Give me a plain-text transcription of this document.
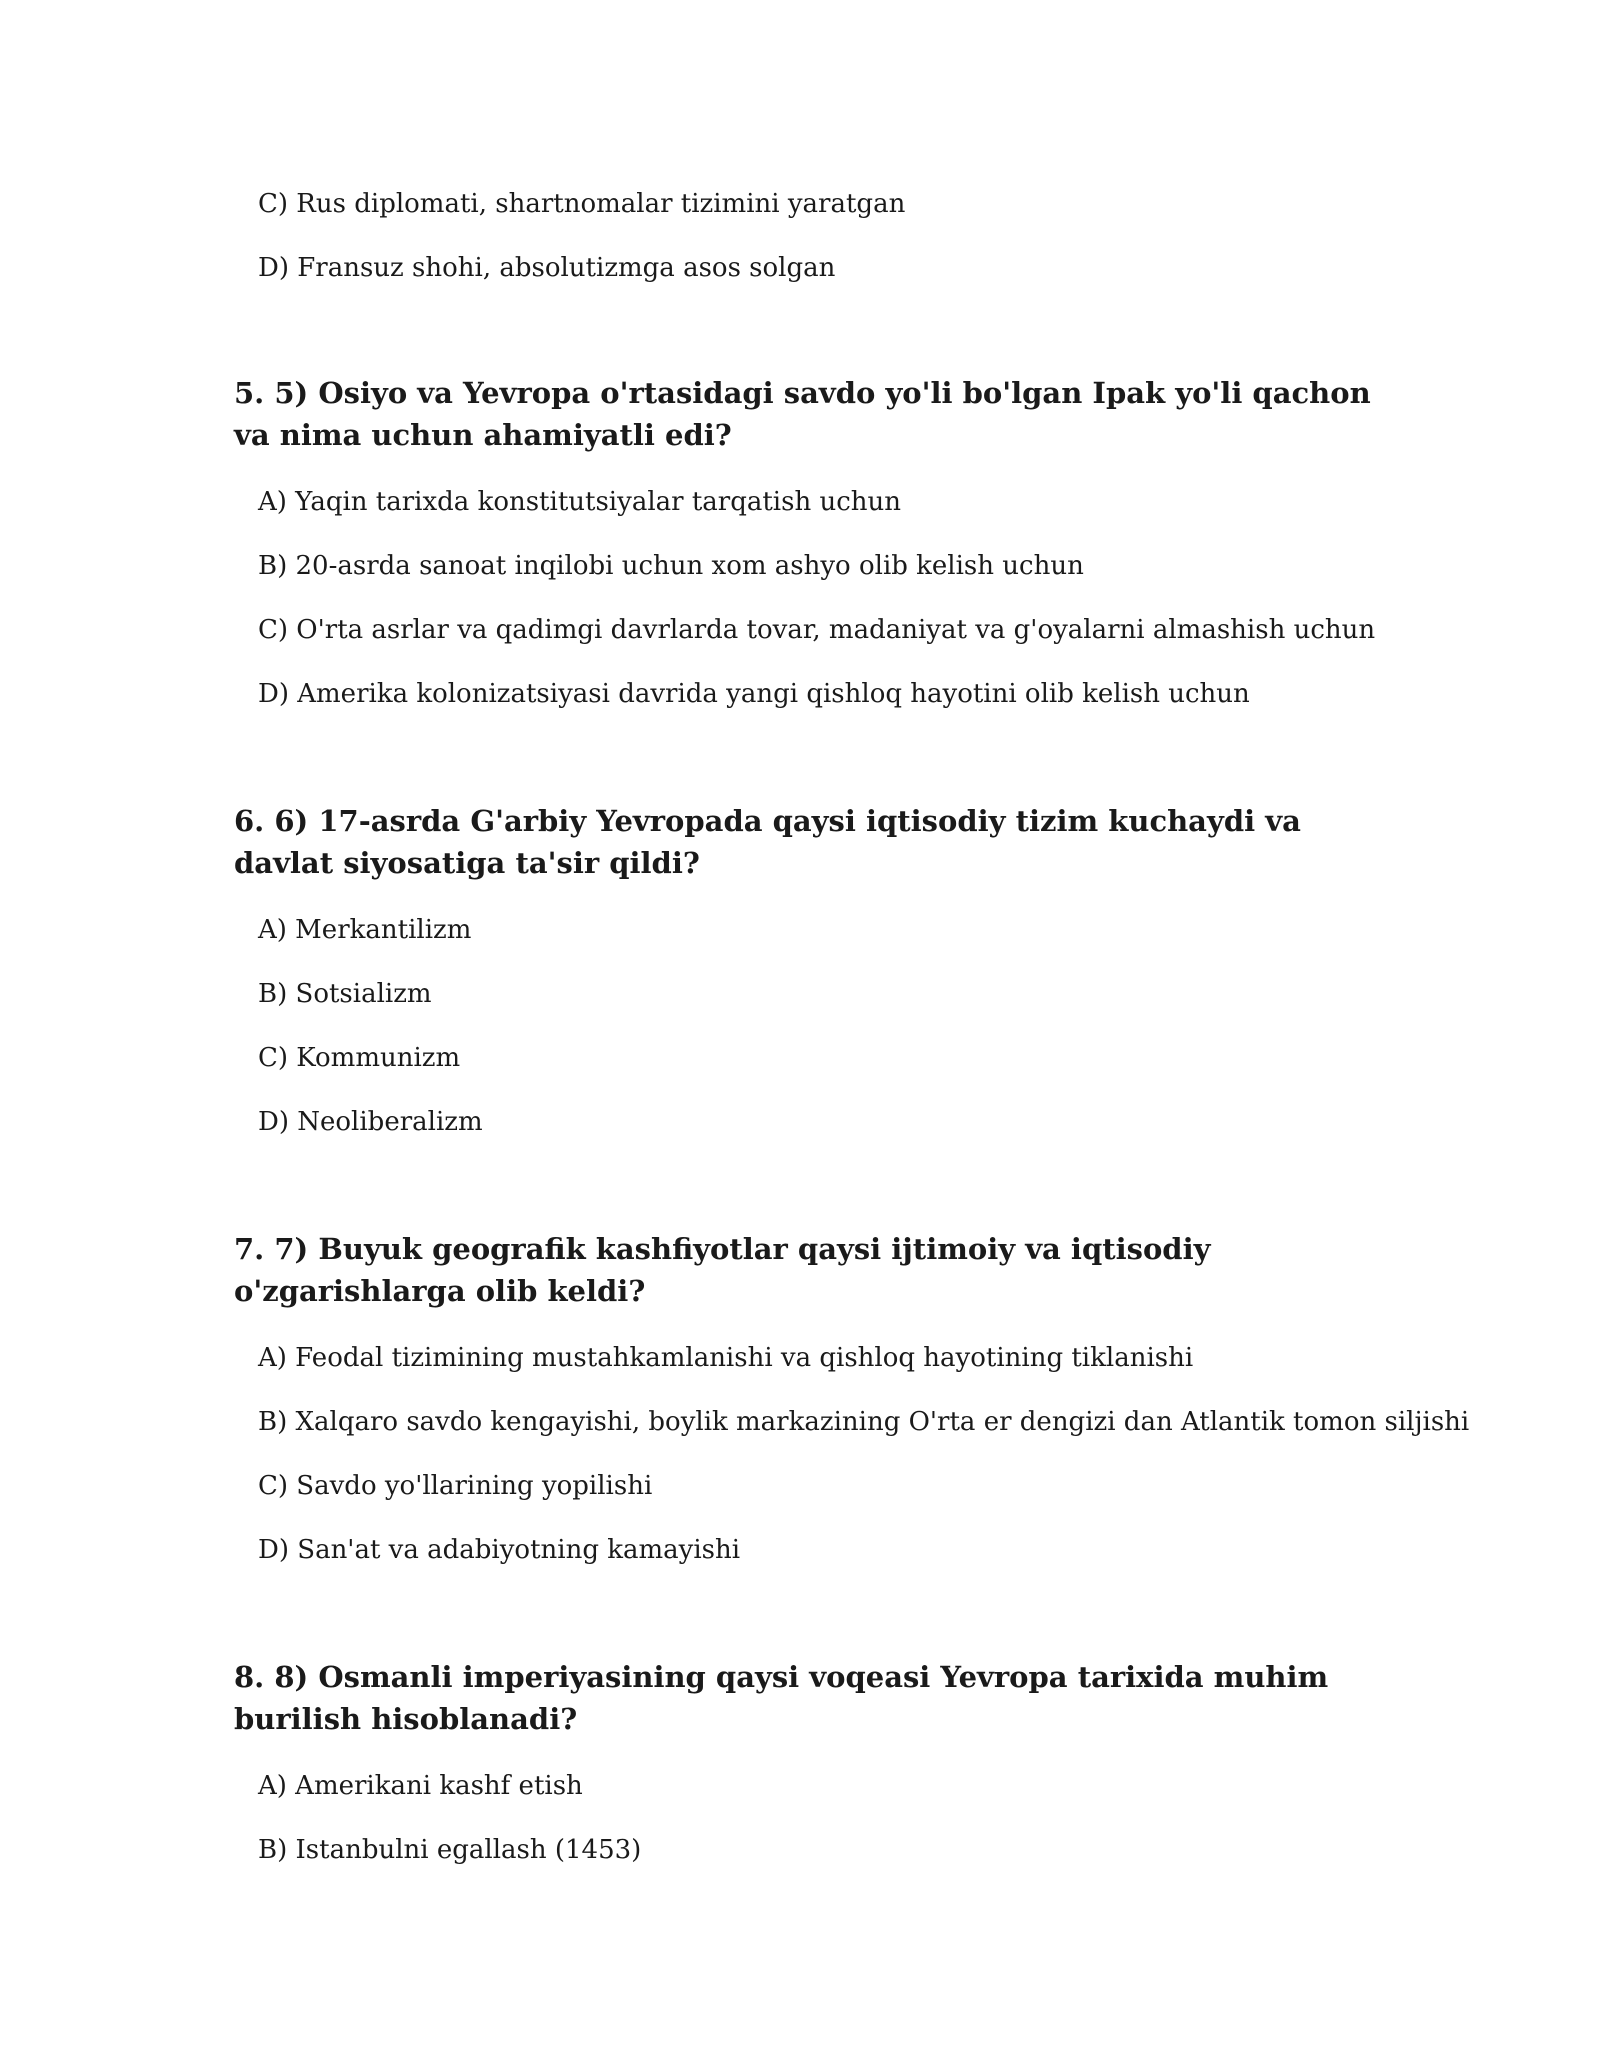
C) Rus diplomati, shartnomalar tizimini yaratgan
D) Fransuz shohi, absolutizmga asos solgan
5. 5) Osiyo va Yevropa o'rtasidagi savdo yo'li bo'lgan Ipak yo'li qachon va nima uchun ahamiyatli edi?
A) Yaqin tarixda konstitutsiyalar tarqatish uchun
B) 20-asrda sanoat inqilobi uchun xom ashyo olib kelish uchun
C) O'rta asrlar va qadimgi davrlarda tovar, madaniyat va g'oyalarni almashish uchun
D) Amerika kolonizatsiyasi davrida yangi qishloq hayotini olib kelish uchun
6. 6) 17-asrda G'arbiy Yevropada qaysi iqtisodiy tizim kuchaydi va davlat siyosatiga ta'sir qildi?
A) Merkantilizm
B) Sotsializm
C) Kommunizm
D) Neoliberalizm
7. 7) Buyuk geografik kashfiyotlar qaysi ijtimoiy va iqtisodiy o'zgarishlarga olib keldi?
A) Feodal tizimining mustahkamlanishi va qishloq hayotining tiklanishi
B) Xalqaro savdo kengayishi, boylik markazining O'rta er dengizi dan Atlantik tomon siljishi
C) Savdo yo'llarining yopilishi
D) San'at va adabiyotning kamayishi
8. 8) Osmanli imperiyasining qaysi voqeasi Yevropa tarixida muhim burilish hisoblanadi?
A) Amerikani kashf etish
B) Istanbulni egallash (1453)
